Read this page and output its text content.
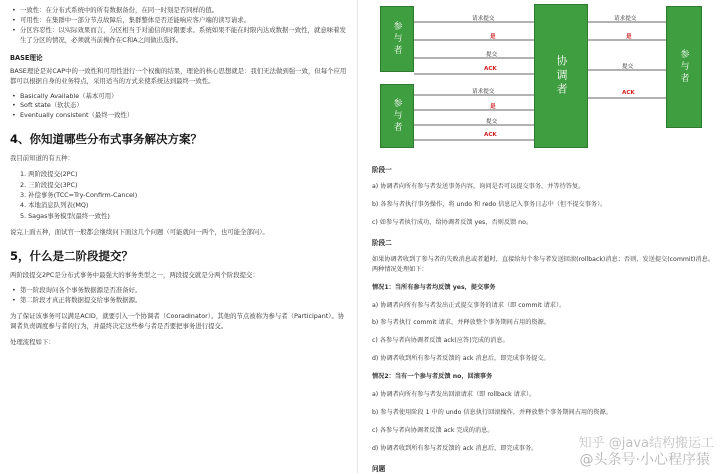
• 一致性：在分布式系统中的所有数据备份，在同一时刻是否同样的值。
• 可用性：在集群中一部分节点故障后，集群整体是否还能响应客户端的读写请求。
• 分区容忍性：以实际效果而言，分区相当于对通信的时限要求。系统如果不能在时限内达成数据一致性，就意味着发生了分区的情况，必须就当前操作在C和A之间做出选择。
BASE理论

BASE理论是对CAP中的一致性和可用性进行一个权衡的结果，理论的核心思想就是：我们无法做到强一致，但每个应用都可以根据自身的业务特点，采用适当的方式来使系统达到最终一致性。

• Basically Available（基本可用）
• Soft state（软状态）
• Eventually consistent（最终一致性）
4、你知道哪些分布式事务解决方案？

我目前知道的有五种：

1. 两阶段提交(2PC)
2. 三阶段提交(3PC)
3. 补偿事务(TCC=Try-Confirm-Cancel)
4. 本地消息队列表(MQ)
5. Sagas事务模型(最终一致性)

说完上面五种，面试官一般都会继续问下面这几个问题（可能就问一两个，也可能全部问）。

5，什么是二阶段提交？

两阶段提交2PC是分布式事务中最强大的事务类型之一，两段提交就是分两个阶段提交：

• 第一阶段询问各个事务数据源是否准备好。
• 第二阶段才真正将数据提交给事务数据源。

为了保证该事务可以满足ACID，就要引入一个协调者（Cooradinator）。其他的节点被称为参与者（Participant）。协调者负责调度参与者的行为，并最终决定这些参与者是否要把事务进行提交。

处理流程如下：

参与者
参与者
协调者	参与者
请求提交
是
提交
ACK
请求提交
是
提交
ACK
请求提交
是
提交
ACK
阶段一

a) 协调者向所有参与者发送事务内容，询问是否可以提交事务，并等待答复。

b) 各参与者执行事务操作，将 undo 和 redo 信息记入事务日志中（但不提交事务）。

c) 如参与者执行成功，给协调者反馈 yes，否则反馈 no。

阶段二

如果协调者收到了参与者的失败消息或者超时，直接给每个参与者发送回滚(rollback)消息；否则，发送提交(commit)消息。两种情况处理如下：

情况1：当所有参与者均反馈 yes，提交事务

a) 协调者向所有参与者发出正式提交事务的请求（即 commit 请求）。

b) 参与者执行 commit 请求，并释放整个事务期间占用的资源。

c) 各参与者向协调者反馈 ack(应答)完成的消息。

d) 协调者收到所有参与者反馈的 ack 消息后，即完成事务提交。

情况2：当有一个参与者反馈 no，回滚事务

a) 协调者向所有参与者发出回滚请求（即 rollback 请求）。

b) 参与者使用阶段 1 中的 undo 信息执行回滚操作，并释放整个事务期间占用的资源。

c) 各参与者向协调者反馈 ack 完成的消息。

d) 协调者收到所有参与者反馈的 ack 消息后，即完成事务。

问题
知乎 @java结构搬运工
@头条号·小心程序猿
